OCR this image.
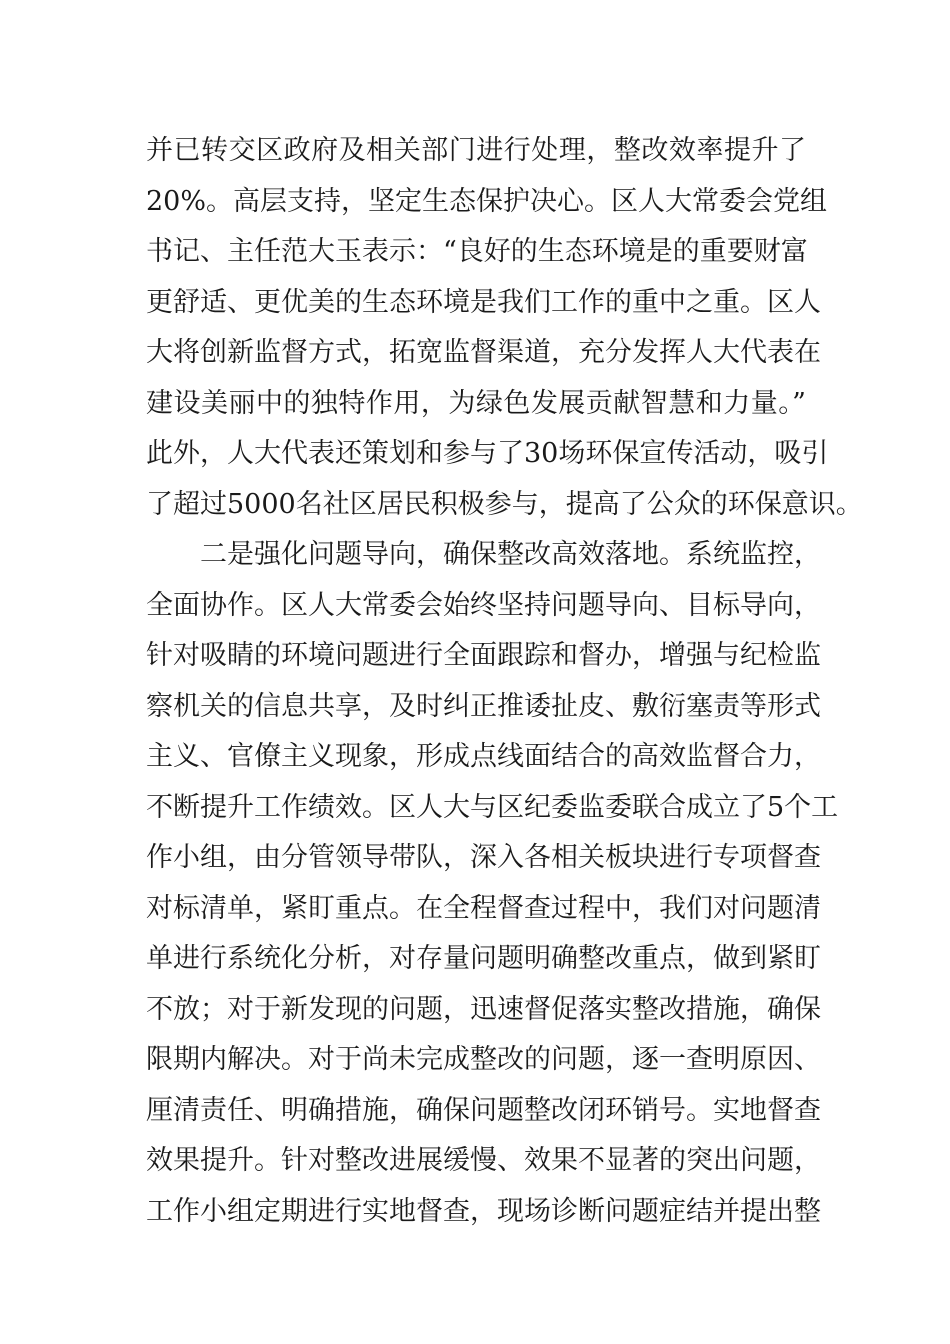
并已转交区政府及相关部门进行处理，整改效率提升了
20%。高层支持，坚定生态保护决心。区人大常委会党组
书记、主任范大玉表示：“良好的生态环境是的重要财富
更舒适、更优美的生态环境是我们工作的重中之重。区人
大将创新监督方式，拓宽监督渠道，充分发挥人大代表在
建设美丽中的独特作用，为绿色发展贡献智慧和力量。”
此外，人大代表还策划和参与了30场环保宣传活动，吸引
了超过5000名社区居民积极参与，提高了公众的环保意识。
二是强化问题导向，确保整改高效落地。系统监控，
全面协作。区人大常委会始终坚持问题导向、目标导向，
针对吸睛的环境问题进行全面跟踪和督办，增强与纪检监
察机关的信息共享，及时纠正推诿扯皮、敷衍塞责等形式
主义、官僚主义现象，形成点线面结合的高效监督合力，
不断提升工作绩效。区人大与区纪委监委联合成立了5个工
作小组，由分管领导带队，深入各相关板块进行专项督查
对标清单，紧盯重点。在全程督查过程中，我们对问题清
单进行系统化分析，对存量问题明确整改重点，做到紧盯
不放；对于新发现的问题，迅速督促落实整改措施，确保
限期内解决。对于尚未完成整改的问题，逐一查明原因、
厘清责任、明确措施，确保问题整改闭环销号。实地督查
效果提升。针对整改进展缓慢、效果不显著的突出问题，
工作小组定期进行实地督查，现场诊断问题症结并提出整
